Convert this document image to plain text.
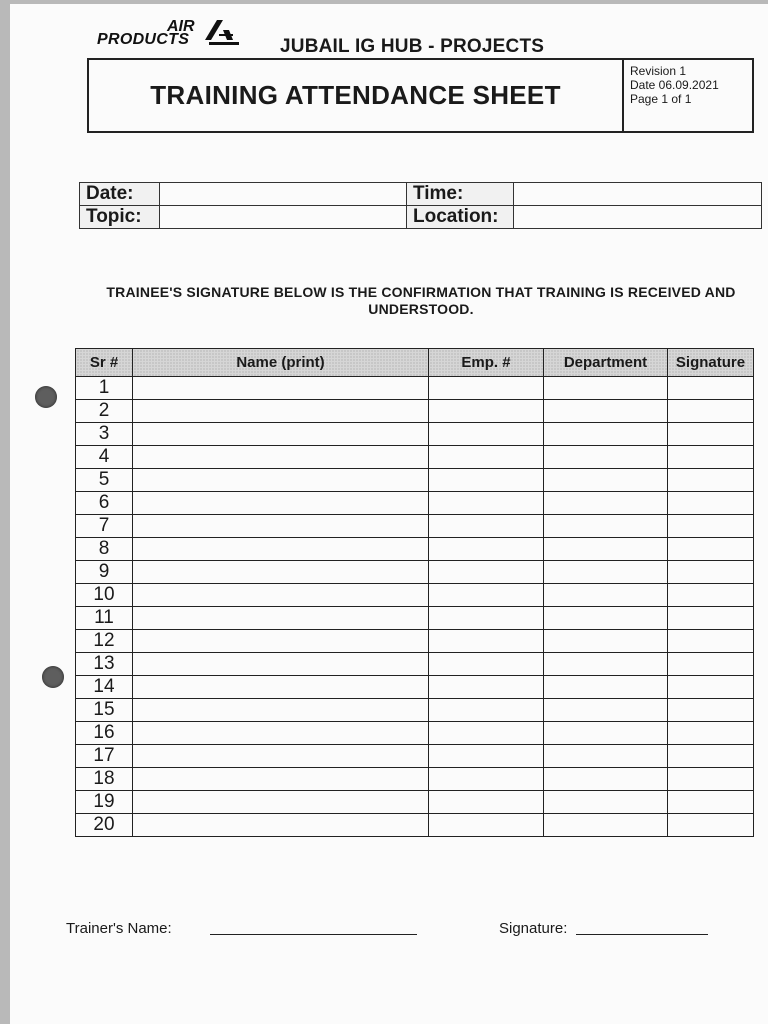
AIR
PRODUCTS	JUBAIL IG HUB - PROJECTS
TRAINING ATTENDANCE SHEET
Revision 1
Date 06.09.2021
Page 1 of 1
Date:		Time:	
Topic:		Location:	
TRAINEE'S SIGNATURE BELOW IS THE CONFIRMATION THAT TRAINING IS RECEIVED AND UNDERSTOOD.
Sr #	Name (print)	Emp. #	Department	Signature
1				
2				
3				
4				
5				
6				
7				
8				
9				
10				
11				
12				
13				
14				
15				
16				
17				
18				
19				
20				
Trainer's Name:	Signature:
